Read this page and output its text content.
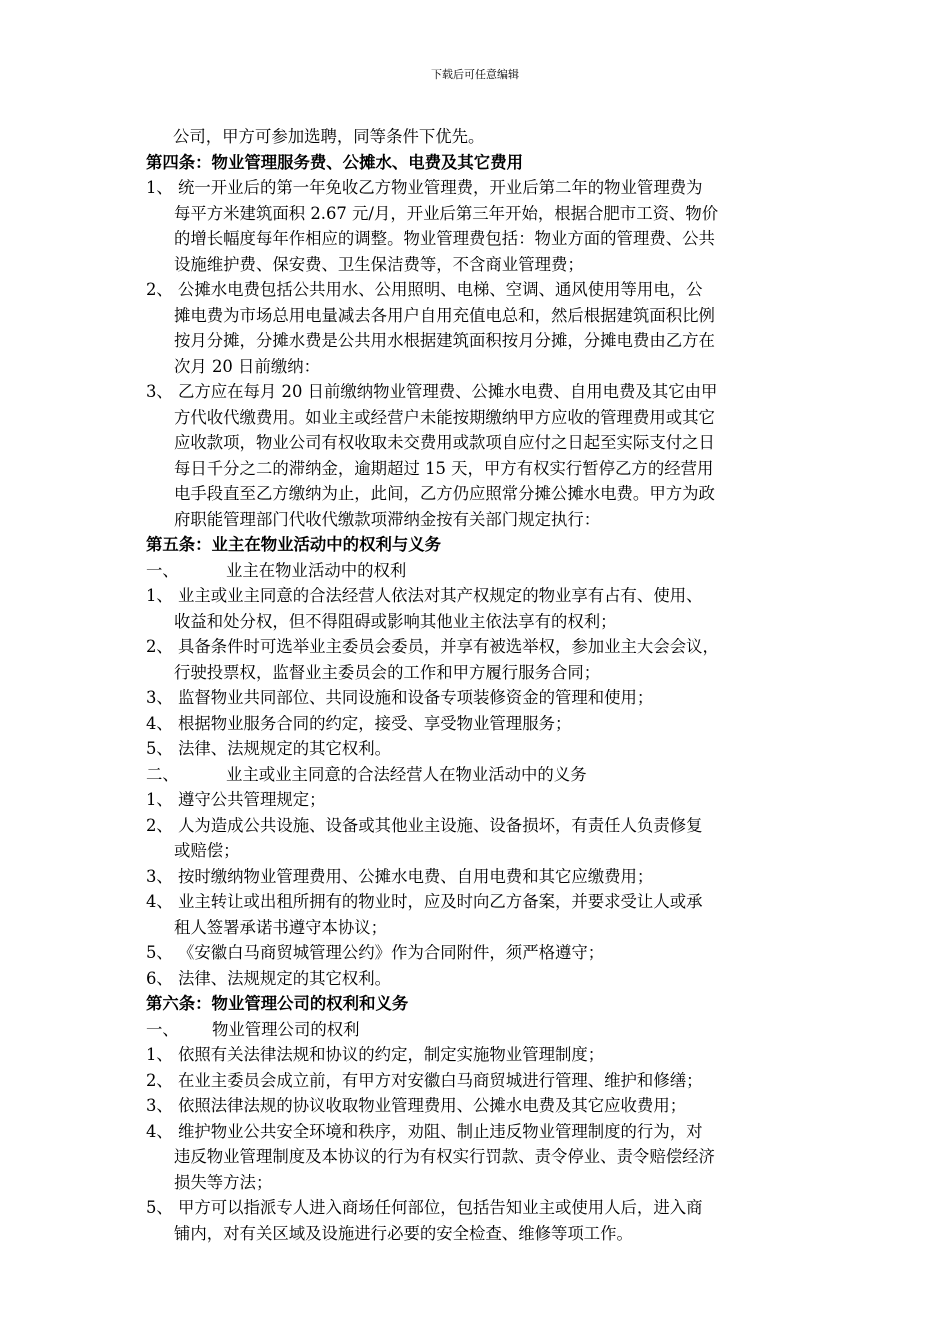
下载后可任意编辑
公司，甲方可参加选聘，同等条件下优先。
第四条：物业管理服务费、公摊水、电费及其它费用
1、 统一开业后的第一年免收乙方物业管理费，开业后第二年的物业管理费为
每平方米建筑面积 2.67 元/月，开业后第三年开始，根据合肥市工资、物价
的增长幅度每年作相应的调整。物业管理费包括：物业方面的管理费、公共
设施维护费、保安费、卫生保洁费等，不含商业管理费；
2、 公摊水电费包括公共用水、公用照明、电梯、空调、通风使用等用电，公
摊电费为市场总用电量减去各用户自用充值电总和，然后根据建筑面积比例
按月分摊，分摊水费是公共用水根据建筑面积按月分摊，分摊电费由乙方在
次月 20 日前缴纳：
3、 乙方应在每月 20 日前缴纳物业管理费、公摊水电费、自用电费及其它由甲
方代收代缴费用。如业主或经营户未能按期缴纳甲方应收的管理费用或其它
应收款项，物业公司有权收取未交费用或款项自应付之日起至实际支付之日
每日千分之二的滞纳金，逾期超过 15 天，甲方有权实行暂停乙方的经营用
电手段直至乙方缴纳为止，此间，乙方仍应照常分摊公摊水电费。甲方为政
府职能管理部门代收代缴款项滞纳金按有关部门规定执行：
第五条：业主在物业活动中的权利与义务
一、	业主在物业活动中的权利
1、 业主或业主同意的合法经营人依法对其产权规定的物业享有占有、使用、
收益和处分权，但不得阻碍或影响其他业主依法享有的权利；
2、 具备条件时可选举业主委员会委员，并享有被选举权，参加业主大会会议，
行驶投票权，监督业主委员会的工作和甲方履行服务合同；
3、 监督物业共同部位、共同设施和设备专项装修资金的管理和使用；
4、 根据物业服务合同的约定，接受、享受物业管理服务；
5、 法律、法规规定的其它权利。
二、	业主或业主同意的合法经营人在物业活动中的义务
1、 遵守公共管理规定；
2、 人为造成公共设施、设备或其他业主设施、设备损坏，有责任人负责修复
或赔偿；
3、 按时缴纳物业管理费用、公摊水电费、自用电费和其它应缴费用；
4、 业主转让或出租所拥有的物业时，应及时向乙方备案，并要求受让人或承
租人签署承诺书遵守本协议；
5、 《安徽白马商贸城管理公约》作为合同附件，须严格遵守；
6、 法律、法规规定的其它权利。
第六条：物业管理公司的权利和义务
一、	物业管理公司的权利
1、 依照有关法律法规和协议的约定，制定实施物业管理制度；
2、 在业主委员会成立前，有甲方对安徽白马商贸城进行管理、维护和修缮；
3、 依照法律法规的协议收取物业管理费用、公摊水电费及其它应收费用；
4、 维护物业公共安全环境和秩序，劝阻、制止违反物业管理制度的行为，对
违反物业管理制度及本协议的行为有权实行罚款、责令停业、责令赔偿经济
损失等方法；
5、 甲方可以指派专人进入商场任何部位，包括告知业主或使用人后，进入商
铺内，对有关区域及设施进行必要的安全检查、维修等项工作。
